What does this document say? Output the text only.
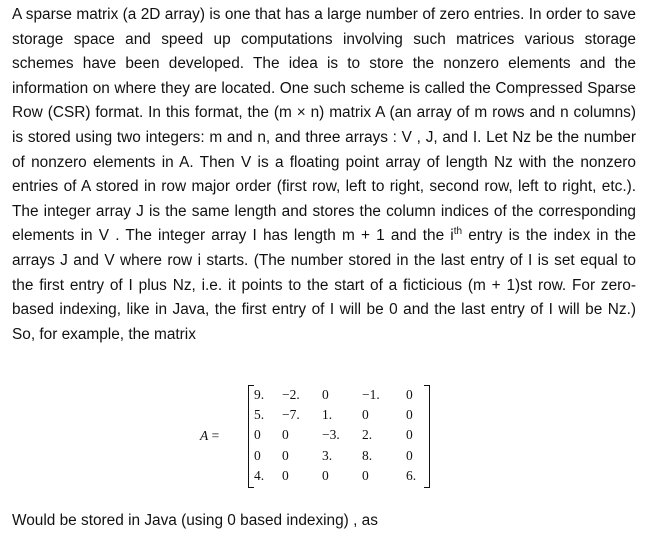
A sparse matrix (a 2D array) is one that has a large number of zero entries. In order to save storage space and speed up computations involving such matrices various storage schemes have been developed. The idea is to store the nonzero elements and the information on where they are located. One such scheme is called the Compressed Sparse Row (CSR) format. In this format, the (m × n) matrix A (an array of m rows and n columns) is stored using two integers: m and n, and three arrays : V , J, and I. Let Nz be the number of nonzero elements in A. Then V is a floating point array of length Nz with the nonzero entries of A stored in row major order (first row, left to right, second row, left to right, etc.). The integer array J is the same length and stores the column indices of the corresponding elements in V . The integer array I has length m + 1 and the $i^{th}$ entry is the index in the arrays J and V where row i starts. (The number stored in the last entry of I is set equal to the first entry of I plus Nz, i.e. it points to the start of a ficticious (m + 1)st row. For zero-based indexing, like in Java, the first entry of I will be 0 and the last entry of I will be Nz.) So, for example, the matrix

A =
9.	−2.	0	−1.	0
5.	−7.	1.	0	0
0	0	−3.	2.	0
0	0	3.	8.	0
4.	0	0	0	6.
Would be stored in Java (using 0 based indexing) , as
